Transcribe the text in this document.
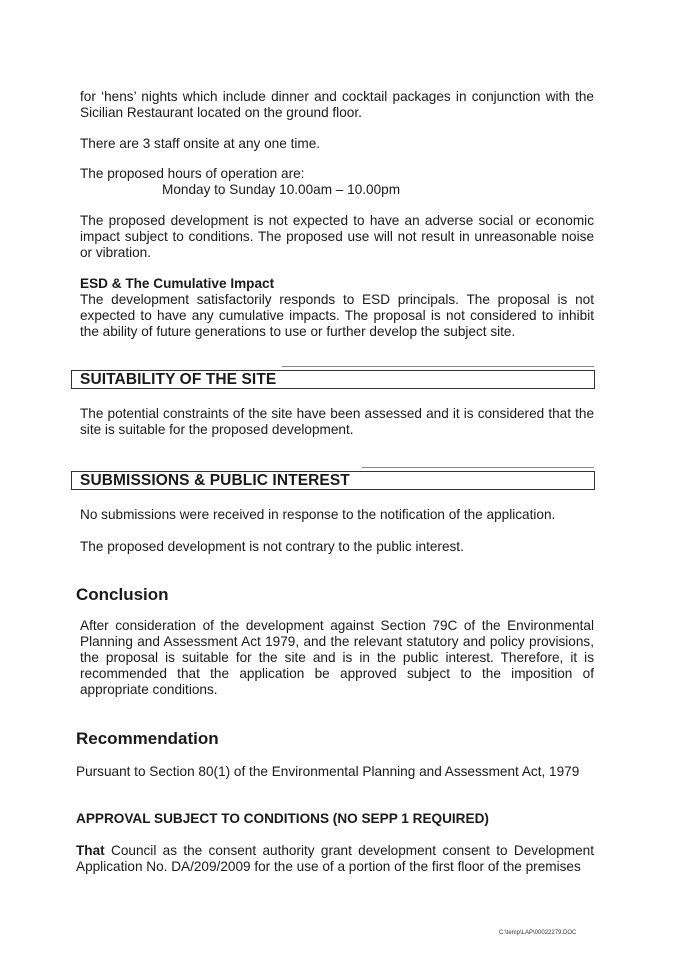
for ‘hens’ nights which include dinner and cocktail packages in conjunction with the Sicilian Restaurant located on the ground floor.

There are 3 staff onsite at any one time.

The proposed hours of operation are:
Monday to Sunday 10.00am – 10.00pm

The proposed development is not expected to have an adverse social or economic impact subject to conditions. The proposed use will not result in unreasonable noise or vibration.

ESD & The Cumulative Impact
The development satisfactorily responds to ESD principals. The proposal is not expected to have any cumulative impacts. The proposal is not considered to inhibit the ability of future generations to use or further develop the subject site.
SUITABILITY OF THE SITE

The potential constraints of the site have been assessed and it is considered that the site is suitable for the proposed development.

SUBMISSIONS & PUBLIC INTEREST

No submissions were received in response to the notification of the application.

The proposed development is not contrary to the public interest.

Conclusion

After consideration of the development against Section 79C of the Environmental Planning and Assessment Act 1979, and the relevant statutory and policy provisions, the proposal is suitable for the site and is in the public interest. Therefore, it is recommended that the application be approved subject to the imposition of appropriate conditions.

Recommendation

Pursuant to Section 80(1) of the Environmental Planning and Assessment Act, 1979

APPROVAL SUBJECT TO CONDITIONS (NO SEPP 1 REQUIRED)

That Council as the consent authority grant development consent to Development Application No. DA/209/2009 for the use of a portion of the first floor of the premises

C:\temp\LAP\00022279.DOC
